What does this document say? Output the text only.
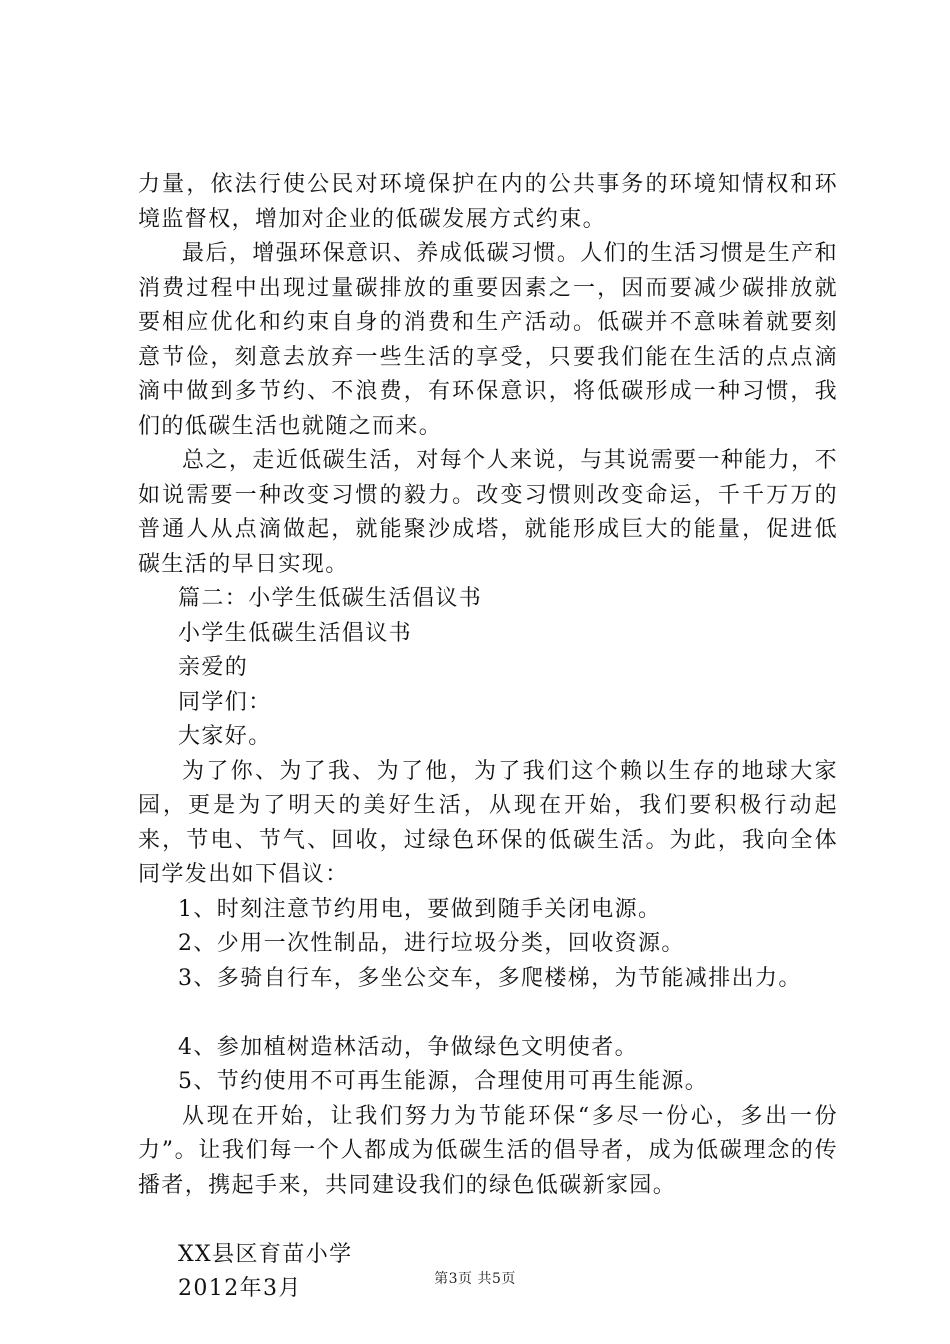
力量，依法行使公民对环境保护在内的公共事务的环境知情权和环境监督权，增加对企业的低碳发展方式约束。

最后，增强环保意识、养成低碳习惯。人们的生活习惯是生产和消费过程中出现过量碳排放的重要因素之一，因而要减少碳排放就要相应优化和约束自身的消费和生产活动。低碳并不意味着就要刻意节俭，刻意去放弃一些生活的享受，只要我们能在生活的点点滴滴中做到多节约、不浪费，有环保意识，将低碳形成一种习惯，我们的低碳生活也就随之而来。

总之，走近低碳生活，对每个人来说，与其说需要一种能力，不如说需要一种改变习惯的毅力。改变习惯则改变命运，千千万万的普通人从点滴做起，就能聚沙成塔，就能形成巨大的能量，促进低碳生活的早日实现。

篇二：小学生低碳生活倡议书

小学生低碳生活倡议书

亲爱的

同学们：

大家好。

为了你、为了我、为了他，为了我们这个赖以生存的地球大家园，更是为了明天的美好生活，从现在开始，我们要积极行动起来，节电、节气、回收，过绿色环保的低碳生活。为此，我向全体同学发出如下倡议：

1、时刻注意节约用电，要做到随手关闭电源。

2、少用一次性制品，进行垃圾分类，回收资源。

3、多骑自行车，多坐公交车，多爬楼梯，为节能减排出力。

4、参加植树造林活动，争做绿色文明使者。

5、节约使用不可再生能源，合理使用可再生能源。

从现在开始，让我们努力为节能环保“多尽一份心，多出一份力”。让我们每一个人都成为低碳生活的倡导者，成为低碳理念的传播者，携起手来，共同建设我们的绿色低碳新家园。

XX县区育苗小学

2012年3月	第3页 共5页
